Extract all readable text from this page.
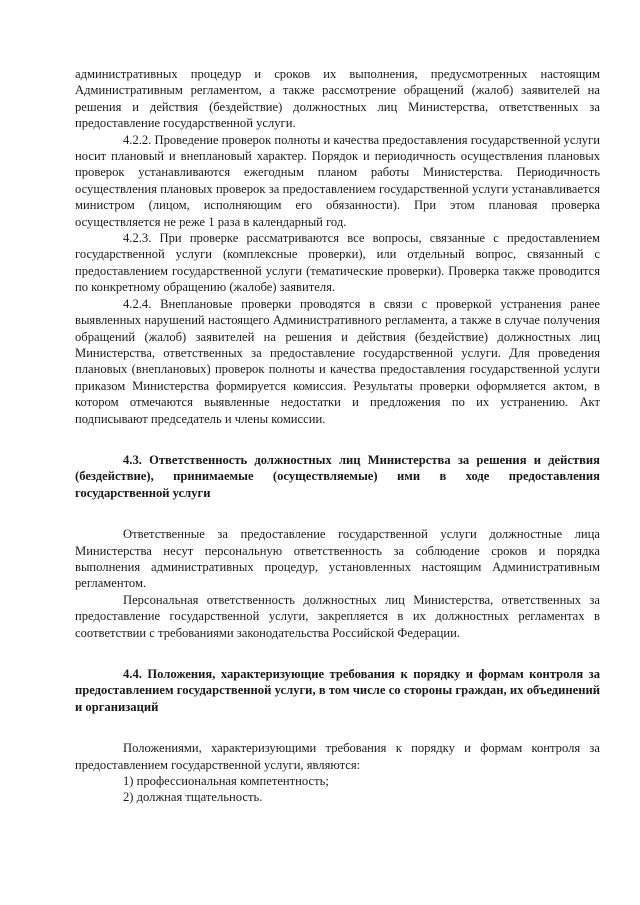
административных процедур и сроков их выполнения, предусмотренных настоящим Административным регламентом, а также рассмотрение обращений (жалоб) заявителей на решения и действия (бездействие) должностных лиц Министерства, ответственных за предоставление государственной услуги.

4.2.2. Проведение проверок полноты и качества предоставления государственной услуги носит плановый и внеплановый характер. Порядок и периодичность осуществления плановых проверок устанавливаются ежегодным планом работы Министерства. Периодичность осуществления плановых проверок за предоставлением государственной услуги устанавливается министром (лицом, исполняющим его обязанности). При этом плановая проверка осуществляется не реже 1 раза в календарный год.

4.2.3. При проверке рассматриваются все вопросы, связанные с предоставлением государственной услуги (комплексные проверки), или отдельный вопрос, связанный с предоставлением государственной услуги (тематические проверки). Проверка также проводится по конкретному обращению (жалобе) заявителя.

4.2.4. Внеплановые проверки проводятся в связи с проверкой устранения ранее выявленных нарушений настоящего Административного регламента, а также в случае получения обращений (жалоб) заявителей на решения и действия (бездействие) должностных лиц Министерства, ответственных за предоставление государственной услуги. Для проведения плановых (внеплановых) проверок полноты и качества предоставления государственной услуги приказом Министерства формируется комиссия. Результаты проверки оформляется актом, в котором отмечаются выявленные недостатки и предложения по их устранению. Акт подписывают председатель и члены комиссии.

4.3. Ответственность должностных лиц Министерства за решения и действия (бездействие), принимаемые (осуществляемые) ими в ходе предоставления государственной услуги

Ответственные за предоставление государственной услуги должностные лица Министерства несут персональную ответственность за соблюдение сроков и порядка выполнения административных процедур, установленных настоящим Административным регламентом.

Персональная ответственность должностных лиц Министерства, ответственных за предоставление государственной услуги, закрепляется в их должностных регламентах в соответствии с требованиями законодательства Российской Федерации.

4.4. Положения, характеризующие требования к порядку и формам контроля за предоставлением государственной услуги, в том числе со стороны граждан, их объединений и организаций

Положениями, характеризующими требования к порядку и формам контроля за предоставлением государственной услуги, являются:

1) профессиональная компетентность;

2) должная тщательность.
